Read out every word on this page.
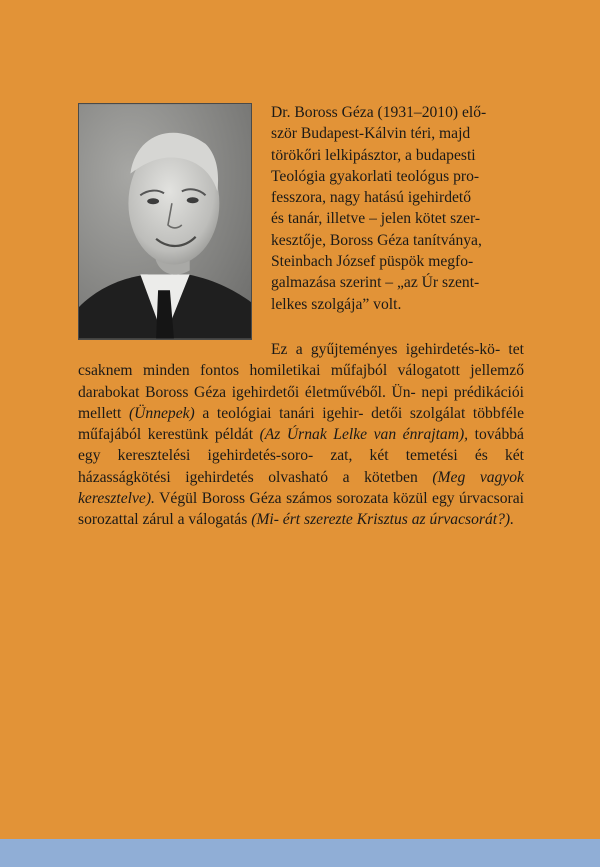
Dr. Boross Géza (1931–2010) elő-
ször Budapest-Kálvin téri, majd
törökőri lelkipásztor, a budapesti
Teológia gyakorlati teológus pro-
fesszora, nagy hatású igehirdető
és tanár, illetve – jelen kötet szer-
kesztője, Boross Géza tanítványa,
Steinbach József püspök megfo-
galmazása szerint – „az Úr szent-
lelkes szolgája” volt.

Ez a gyűjteményes igehirdetés-kö- tet csaknem minden fontos homiletikai műfajból válogatott jellemző darabokat Boross Géza igehirdetői életművéből. Ün- nepi prédikációi mellett (Ünnepek) a teológiai tanári igehir- detői szolgálat többféle műfajából kerestünk példát (Az Úrnak Lelke van énrajtam), továbbá egy keresztelési igehirdetés-soro- zat, két temetési és két házasságkötési igehirdetés olvasható a kötetben (Meg vagyok keresztelve). Végül Boross Géza számos sorozata közül egy úrvacsorai sorozattal zárul a válogatás (Mi- ért szerezte Krisztus az úrvacsorát?).
